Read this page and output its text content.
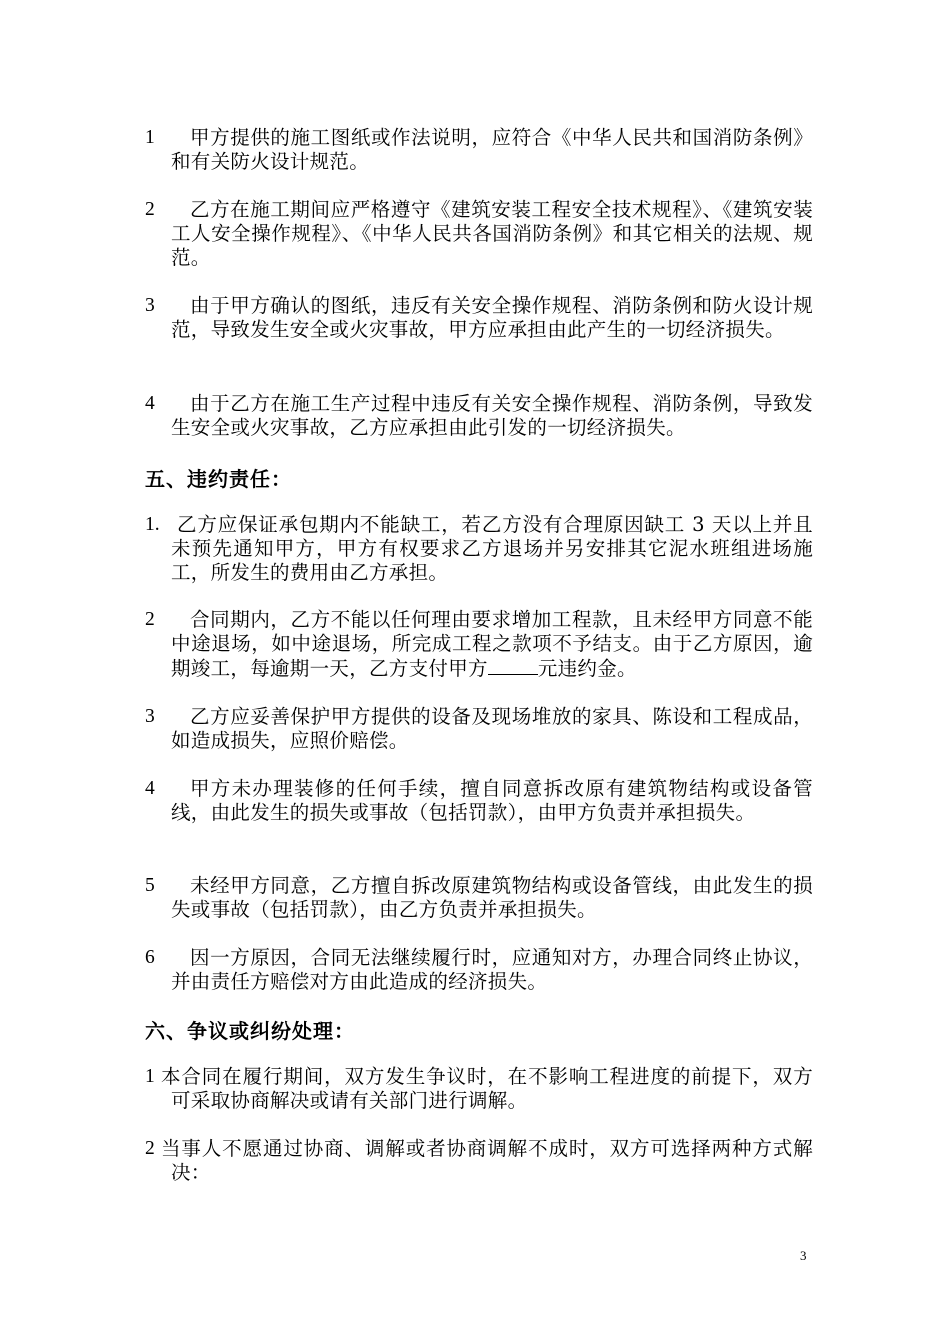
1	甲方提供的施工图纸或作法说明，应符合《中华人民共和国消防条例》和有关防火设计规范。
2	乙方在施工期间应严格遵守《建筑安装工程安全技术规程》、《建筑安装工人安全操作规程》、《中华人民共各国消防条例》和其它相关的法规、规范。
3	由于甲方确认的图纸，违反有关安全操作规程、消防条例和防火设计规范，导致发生安全或火灾事故，甲方应承担由此产生的一切经济损失。
4	由于乙方在施工生产过程中违反有关安全操作规程、消防条例，导致发生安全或火灾事故，乙方应承担由此引发的一切经济损失。
五、违约责任：
1. 乙方应保证承包期内不能缺工，若乙方没有合理原因缺工 3 天以上并且未预先通知甲方，甲方有权要求乙方退场并另安排其它泥水班组进场施工，所发生的费用由乙方承担。
2	合同期内，乙方不能以任何理由要求增加工程款，且未经甲方同意不能中途退场，如中途退场，所完成工程之款项不予结支。由于乙方原因，逾期竣工，每逾期一天，乙方支付甲方	元违约金。
3	乙方应妥善保护甲方提供的设备及现场堆放的家具、陈设和工程成品，如造成损失，应照价赔偿。
4	甲方未办理装修的任何手续，擅自同意拆改原有建筑物结构或设备管线，由此发生的损失或事故（包括罚款），由甲方负责并承担损失。
5	未经甲方同意，乙方擅自拆改原建筑物结构或设备管线，由此发生的损失或事故（包括罚款），由乙方负责并承担损失。
6	因一方原因，合同无法继续履行时，应通知对方，办理合同终止协议，并由责任方赔偿对方由此造成的经济损失。
六、争议或纠纷处理：
1 本合同在履行期间，双方发生争议时，在不影响工程进度的前提下，双方可采取协商解决或请有关部门进行调解。
2 当事人不愿通过协商、调解或者协商调解不成时，双方可选择两种方式解决：
3
